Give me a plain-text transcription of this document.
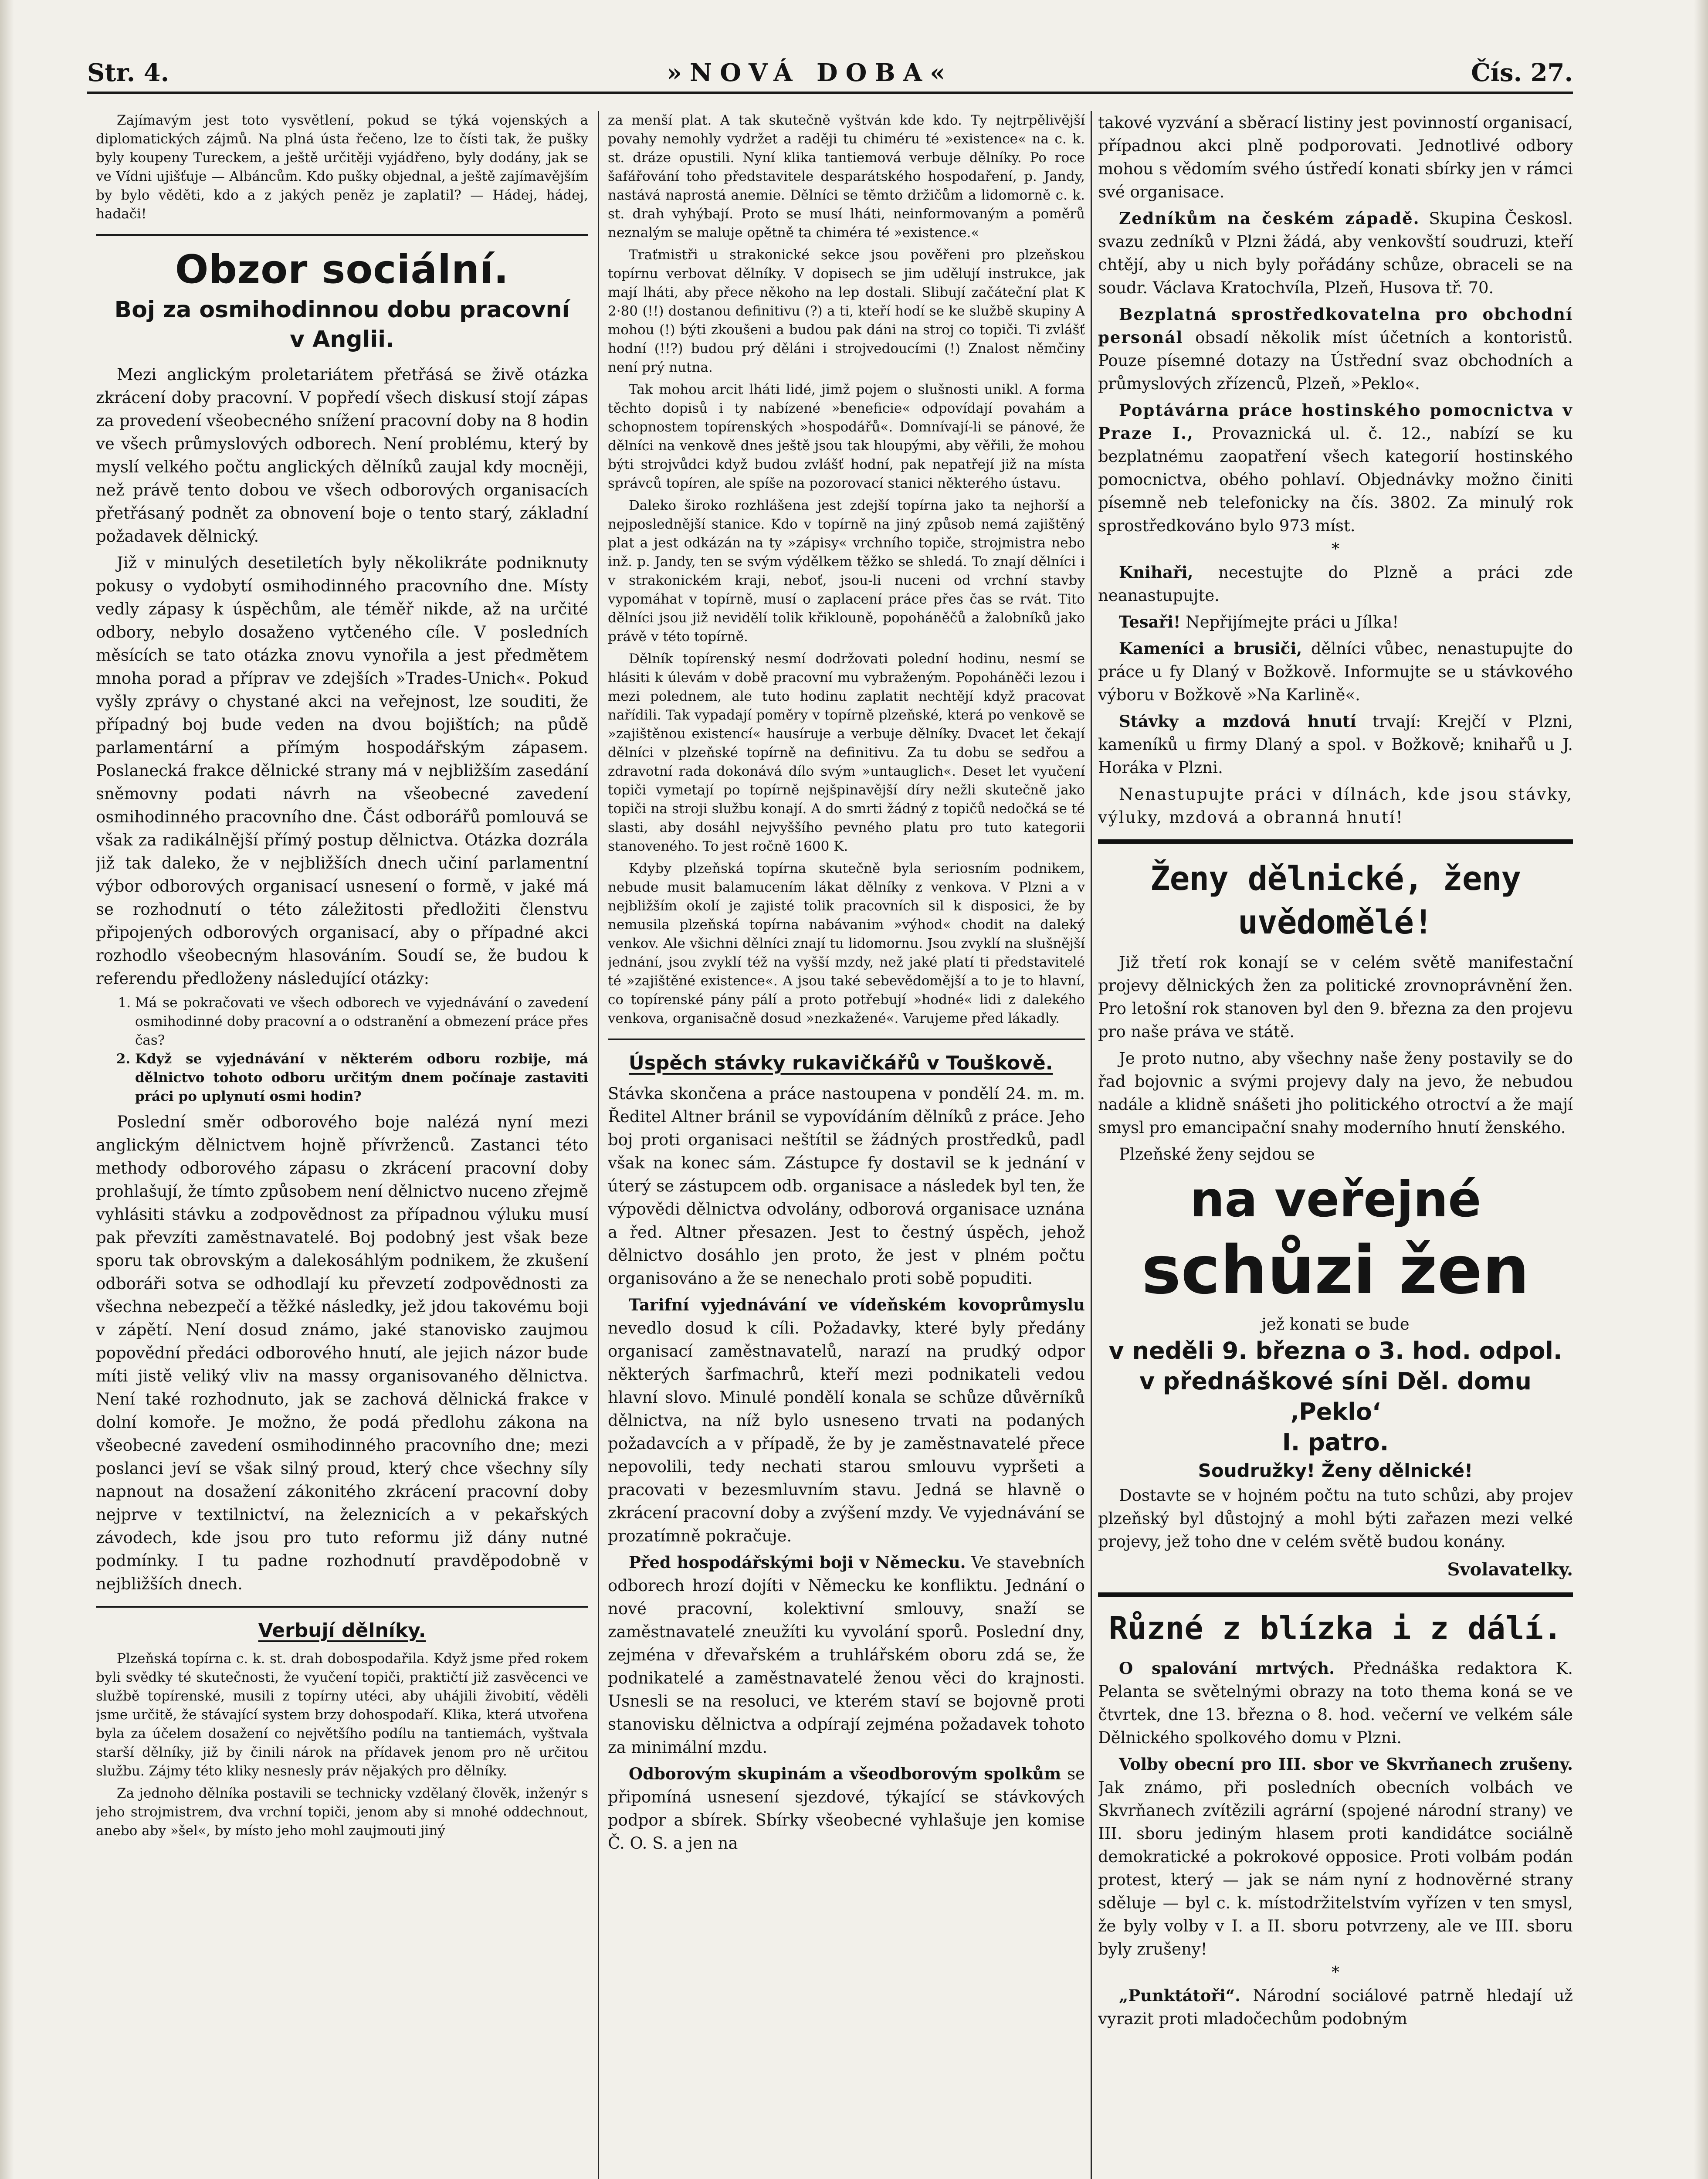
Str. 4.	»NOVÁ DOBA«	Čís. 27.

Zajímavým jest toto vysvětlení, pokud se týká vojenských a diplomatických zájmů. Na plná ústa řečeno, lze to čísti tak, že pušky byly koupeny Tureckem, a ještě určitěji vyjádřeno, byly dodány, jak se ve Vídni ujišťuje — Albáncům. Kdo pušky objednal, a ještě zajímavějším by bylo věděti, kdo a z jakých peněz je zaplatil? — Hádej, hádej, hadači!

Obzor sociální.
Boj za osmihodinnou dobu pracovní
v Anglii.

Mezi anglickým proletariátem přetřásá se živě otázka zkrácení doby pracovní. V popředí všech diskusí stojí zápas za provedení všeobecného snížení pracovní doby na 8 hodin ve všech průmyslových odborech. Není problému, který by myslí velkého počtu anglických dělníků zaujal kdy mocněji, než právě tento dobou ve všech odborových organisacích přetřásaný podnět za obnovení boje o tento starý, základní požadavek dělnický.

Již v minulých desetiletích byly několikráte podniknuty pokusy o vydobytí osmihodinného pracovního dne. Místy vedly zápasy k úspěchům, ale téměř nikde, až na určité odbory, nebylo dosaženo vytčeného cíle. V posledních měsících se tato otázka znovu vynořila a jest předmětem mnoha porad a příprav ve zdejších »Trades-Unich«. Pokud vyšly zprávy o chystané akci na veřejnost, lze souditi, že případný boj bude veden na dvou bojištích; na půdě parlamentární a přímým hospodářským zápasem. Poslanecká frakce dělnické strany má v nejbližším zasedání sněmovny podati návrh na všeobecné zavedení osmihodinného pracovního dne. Část odborářů pomlouvá se však za radikálnější přímý postup dělnictva. Otázka dozrála již tak daleko, že v nejbližších dnech učiní parlamentní výbor odborových organisací usnesení o formě, v jaké má se rozhodnutí o této záležitosti předložiti členstvu připojených odborových organisací, aby o případné akci rozhodlo všeobecným hlasováním. Soudí se, že budou k referendu předloženy následující otázky:

1. Má se pokračovati ve všech odborech ve vyjednávání o zavedení osmihodinné doby pracovní a o odstranění a obmezení práce přes čas?
2. Když se vyjednávání v některém odboru rozbije, má dělnictvo tohoto odboru určitým dnem počínaje zastaviti práci po uplynutí osmi hodin?

Poslední směr odborového boje nalézá nyní mezi anglickým dělnictvem hojně přívrženců. Zastanci této methody odborového zápasu o zkrácení pracovní doby prohlašují, že tímto způsobem není dělnictvo nuceno zřejmě vyhlásiti stávku a zodpovědnost za případnou výluku musí pak převzíti zaměstnavatelé. Boj podobný jest však beze sporu tak obrovským a dalekosáhlým podnikem, že zkušení odboráři sotva se odhodlají ku převzetí zodpovědnosti za všechna nebezpečí a těžké následky, jež jdou takovému boji v zápětí. Není dosud známo, jaké stanovisko zaujmou popovědní předáci odborového hnutí, ale jejich názor bude míti jistě veliký vliv na massy organisovaného dělnictva. Není také rozhodnuto, jak se zachová dělnická frakce v dolní komoře. Je možno, že podá předlohu zákona na všeobecné zavedení osmihodinného pracovního dne; mezi poslanci jeví se však silný proud, který chce všechny síly napnout na dosažení zákonitého zkrácení pracovní doby nejprve v textilnictví, na železnicích a v pekařských závodech, kde jsou pro tuto reformu již dány nutné podmínky. I tu padne rozhodnutí pravděpodobně v nejbližších dnech.

Verbují dělníky.

Plzeňská topírna c. k. st. drah dobospodařila. Když jsme před rokem byli svědky té skutečnosti, že vyučení topiči, praktičtí již zasvěcenci ve službě topírenské, musili z topírny utéci, aby uhájili živobití, věděli jsme určitě, že stávající system brzy dohospodaří. Klika, která utvořena byla za účelem dosažení co největšího podílu na tantiemách, vyštvala starší dělníky, již by činili nárok na přídavek jenom pro ně určitou službu. Zájmy této kliky nesnesly práv nějakých pro dělníky.

Za jednoho dělníka postavili se technicky vzdělaný člověk, inženýr s jeho strojmistrem, dva vrchní topiči, jenom aby si mnohé oddechnout, anebo aby »šel«, by místo jeho mohl zaujmouti jiný

za menší plat. A tak skutečně vyštván kde kdo. Ty nejtrpělivější povahy nemohly vydržet a raději tu chiméru té »existence« na c. k. st. dráze opustili. Nyní klika tantiemová verbuje dělníky. Po roce šafářování toho představitele desparátského hospodaření, p. Jandy, nastává naprostá anemie. Dělníci se těmto držičům a lidomorně c. k. st. drah vyhýbají. Proto se musí lháti, neinformovaným a poměrů neznalým se maluje opětně ta chiméra té »existence.«

Traťmistři u strakonické sekce jsou pověřeni pro plzeňskou topírnu verbovat dělníky. V dopisech se jim udělují instrukce, jak mají lháti, aby přece někoho na lep dostali. Slibují začáteční plat K 2·80 (!!) dostanou definitivu (?) a ti, kteří hodí se ke službě skupiny A mohou (!) býti zkoušeni a budou pak dáni na stroj co topiči. Ti zvlášť hodní (!!?) budou prý děláni i strojvedoucími (!) Znalost němčiny není prý nutna.

Tak mohou arcit lháti lidé, jimž pojem o slušnosti unikl. A forma těchto dopisů i ty nabízené »beneficie« odpovídají povahám a schopnostem topírenských »hospodářů«. Domnívají-li se pánové, že dělníci na venkově dnes ještě jsou tak hloupými, aby věřili, že mohou býti strojvůdci když budou zvlášť hodní, pak nepatřejí již na místa správců topíren, ale spíše na pozorovací stanici některého ústavu.

Daleko široko rozhlášena jest zdejší topírna jako ta nejhorší a nejposlednější stanice. Kdo v topírně na jiný způsob nemá zajištěný plat a jest odkázán na ty »zápisy« vrchního topiče, strojmistra nebo inž. p. Jandy, ten se svým výdělkem těžko se shledá. To znají dělníci i v strakonickém kraji, neboť, jsou-li nuceni od vrchní stavby vypomáhat v topírně, musí o zaplacení práce přes čas se rvát. Tito dělníci jsou již nevidělí tolik křiklouně, popoháněčů a žalobníků jako právě v této topírně.

Dělník topírenský nesmí dodržovati polední hodinu, nesmí se hlásiti k úlevám v době pracovní mu vybraženým. Popoháněči lezou i mezi polednem, ale tuto hodinu zaplatit nechtějí když pracovat nařídili. Tak vypadají poměry v topírně plzeňské, která po venkově se »zajištěnou existencí« hausíruje a verbuje dělníky. Dvacet let čekají dělníci v plzeňské topírně na definitivu. Za tu dobu se sedřou a zdravotní rada dokonává dílo svým »untauglich«. Deset let vyučení topiči vymetají po topírně nejšpinavější díry nežli skutečně jako topiči na stroji službu konají. A do smrti žádný z topičů nedočká se té slasti, aby dosáhl nejvyššího pevného platu pro tuto kategorii stanoveného. To jest ročně 1600 K.

Kdyby plzeňská topírna skutečně byla seriosním podnikem, nebude musit balamucením lákat dělníky z venkova. V Plzni a v nejbližším okolí je zajisté tolik pracovních sil k disposici, že by nemusila plzeňská topírna nabávanim »výhod« chodit na daleký venkov. Ale všichni dělníci znají tu lidomornu. Jsou zvyklí na slušnější jednání, jsou zvyklí též na vyšší mzdy, než jaké platí ti představitelé té »zajištěné existence«. A jsou také sebevědomější a to je to hlavní, co topírenské pány pálí a proto potřebují »hodné« lidi z dalekého venkova, organisačně dosud »nezkažené«. Varujeme před lákadly.

Úspěch stávky rukavičkářů v Touškově.

Stávka skončena a práce nastoupena v pondělí 24. m. m. Ředitel Altner bránil se vypovídáním dělníků z práce. Jeho boj proti organisaci neštítil se žádných prostředků, padl však na konec sám. Zástupce fy dostavil se k jednání v úterý se zástupcem odb. organisace a následek byl ten, že výpovědi dělnictva odvolány, odborová organisace uznána a řed. Altner přesazen. Jest to čestný úspěch, jehož dělnictvo dosáhlo jen proto, že jest v plném počtu organisováno a že se nenechalo proti sobě popuditi.

Tarifní vyjednávání ve vídeňském kovoprůmyslu nevedlo dosud k cíli. Požadavky, které byly předány organisací zaměstnavatelů, narazí na prudký odpor některých šarfmachrů, kteří mezi podnikateli vedou hlavní slovo. Minulé pondělí konala se schůze důvěrníků dělnictva, na níž bylo usneseno trvati na podaných požadavcích a v případě, že by je zaměstnavatelé přece nepovolili, tedy nechati starou smlouvu vypršeti a pracovati v bezesmluvním stavu. Jedná se hlavně o zkrácení pracovní doby a zvýšení mzdy. Ve vyjednávání se prozatímně pokračuje.

Před hospodářskými boji v Německu. Ve stavebních odborech hrozí dojíti v Německu ke konfliktu. Jednání o nové pracovní, kolektivní smlouvy, snaží se zaměstnavatelé zneužíti ku vyvolání sporů. Poslední dny, zejména v dřevařském a truhlářském oboru zdá se, že podnikatelé a zaměstnavatelé ženou věci do krajnosti. Usnesli se na resoluci, ve kterém staví se bojovně proti stanovisku dělnictva a odpírají zejména požadavek tohoto za minimální mzdu.

Odborovým skupinám a všeodborovým spolkům se připomíná usnesení sjezdové, týkající se stávkových podpor a sbírek. Sbírky všeobecné vyhlašuje jen komise Č. O. S. a jen na

takové vyzvání a sběrací listiny jest povinností organisací, případnou akci plně podporovati. Jednotlivé odbory mohou s vědomím svého ústředí konati sbírky jen v rámci své organisace.

Zedníkům na českém západě. Skupina Českosl. svazu zedníků v Plzni žádá, aby venkovští soudruzi, kteří chtějí, aby u nich byly pořádány schůze, obraceli se na soudr. Václava Kratochvíla, Plzeň, Husova tř. 70.

Bezplatná sprostředkovatelna pro obchodní personál obsadí několik míst účetních a kontoristů. Pouze písemné dotazy na Ústřední svaz obchodních a průmyslových zřízenců, Plzeň, »Peklo«.

Poptávárna práce hostinského pomocnictva v Praze I., Provaznická ul. č. 12., nabízí se ku bezplatnému zaopatření všech kategorií hostinského pomocnictva, obého pohlaví. Objednávky možno činiti písemně neb telefonicky na čís. 3802. Za minulý rok sprostředkováno bylo 973 míst.

*

Knihaři, necestujte do Plzně a práci zde neanastupujte.

Tesaři! Nepřijímejte práci u Jílka!

Kameníci a brusiči, dělníci vůbec, nenastupujte do práce u fy Dlaný v Božkově. Informujte se u stávkového výboru v Božkově »Na Karlině«.

Stávky a mzdová hnutí trvají: Krejčí v Plzni, kameníků u firmy Dlaný a spol. v Božkově; knihařů u J. Horáka v Plzni.

Nenastupujte práci v dílnách, kde jsou stávky, výluky, mzdová a obranná hnutí!

Ženy dělnické, ženy uvědomělé!

Již třetí rok konají se v celém světě manifestační projevy dělnických žen za politické zrovnoprávnění žen. Pro letošní rok stanoven byl den 9. března za den projevu pro naše práva ve státě.

Je proto nutno, aby všechny naše ženy postavily se do řad bojovnic a svými projevy daly na jevo, že nebudou nadále a klidně snášeti jho politického otroctví a že mají smysl pro emancipační snahy moderního hnutí ženského.

Plzeňské ženy sejdou se

na veřejné
schůzi žen
jež konati se bude
v neděli 9. března o 3. hod. odpol.
v přednáškové síni Děl. domu ‚Peklo‘
I. patro.
Soudružky! Ženy dělnické!

Dostavte se v hojném počtu na tuto schůzi, aby projev plzeňský byl důstojný a mohl býti zařazen mezi velké projevy, jež toho dne v celém světě budou konány.

Svolavatelky.
Různé z blízka i z dálí.

O spalování mrtvých. Přednáška redaktora K. Pelanta se světelnými obrazy na toto thema koná se ve čtvrtek, dne 13. března o 8. hod. večerní ve velkém sále Dělnického spolkového domu v Plzni.

Volby obecní pro III. sbor ve Skvrňanech zrušeny. Jak známo, při posledních obecních volbách ve Skvrňanech zvítězili agrární (spojené národní strany) ve III. sboru jediným hlasem proti kandidátce sociálně demokratické a pokrokové opposice. Proti volbám podán protest, který — jak se nám nyní z hodnověrné strany sděluje — byl c. k. místodržitelstvím vyřízen v ten smysl, že byly volby v I. a II. sboru potvrzeny, ale ve III. sboru byly zrušeny!

*

„Punktátoři“. Národní sociálové patrně hledají už vyrazit proti mladočechům podobným
